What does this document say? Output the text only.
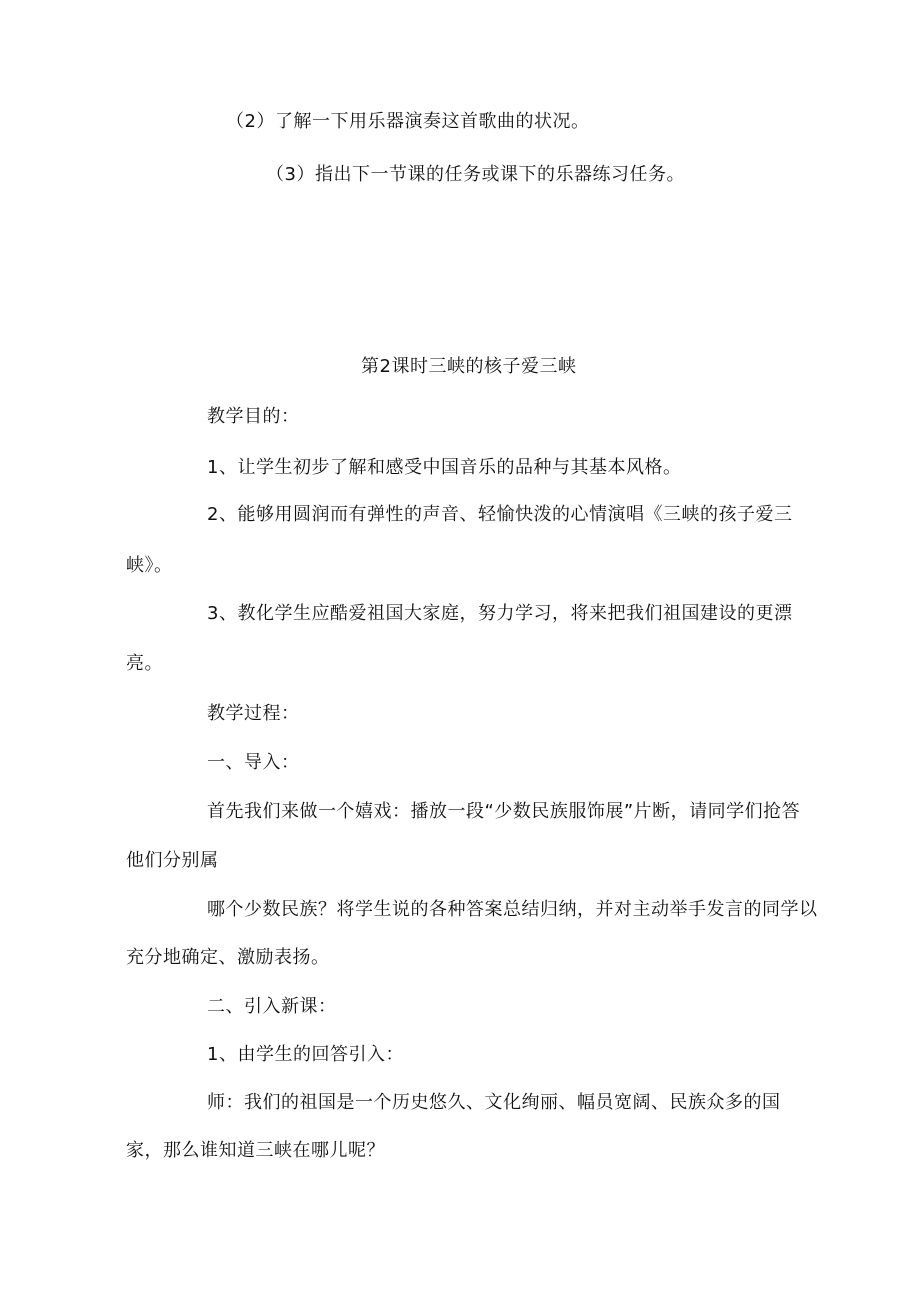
（2）了解一下用乐器演奏这首歌曲的状况。
（3）指出下一节课的任务或课下的乐器练习任务。
第2课时三峡的核子爱三峡
教学目的：
1、让学生初步了解和感受中国音乐的品种与其基本风格。
2、能够用圆润而有弹性的声音、轻愉快泼的心情演唱《三峡的孩子爱三
峡》。
3、教化学生应酷爱祖国大家庭，努力学习，将来把我们祖国建设的更漂
亮。
教学过程：
一、导入：
首先我们来做一个嬉戏：播放一段“少数民族服饰展”片断，请同学们抢答
他们分别属
哪个少数民族？将学生说的各种答案总结归纳，并对主动举手发言的同学以
充分地确定、激励表扬。
二、引入新课：
1、由学生的回答引入：
师：我们的祖国是一个历史悠久、文化绚丽、幅员宽阔、民族众多的国
家，那么谁知道三峡在哪儿呢？
